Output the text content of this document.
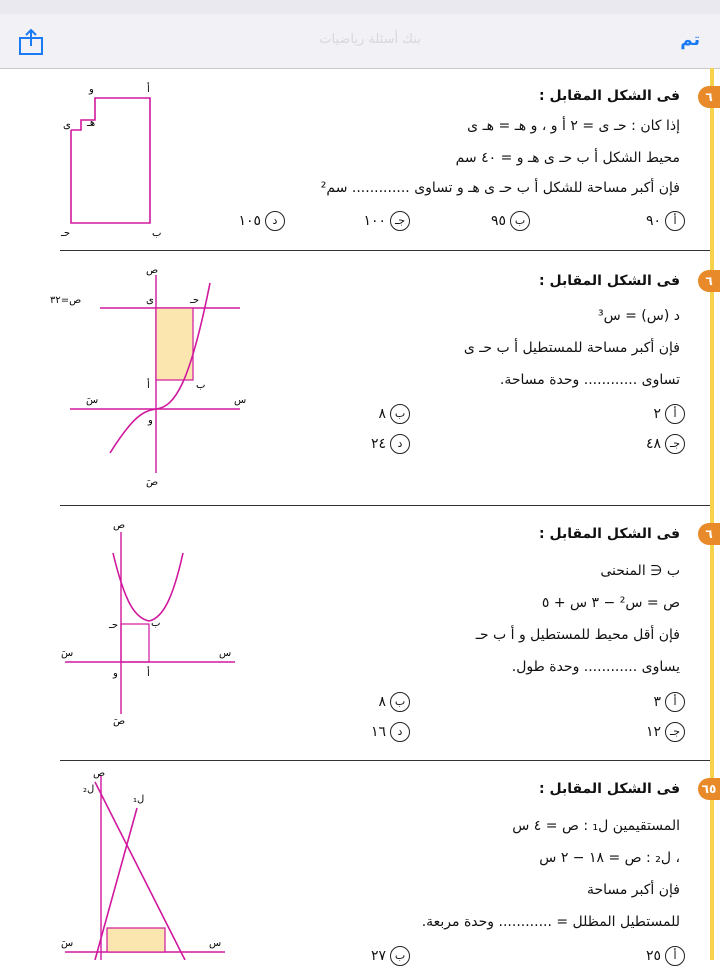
بنك أسئلة رياضيات	تم
٦
فى الشكل المقابل :
إذا كان : حـ ى = ٢ أ و ، و هـ = هـ ى
محيط الشكل أ ب حـ ى هـ و = ٤٠ سم
فإن أكبر مساحة للشكل أ ب حـ ى هـ و تساوى ............. سم²
أ٩٠
ب٩٥
جـ١٠٠
د١٠٥
أ
ب
حـ
ى هـ
و
٦
فى الشكل المقابل :
د (س) = س³
فإن أكبر مساحة للمستطيل أ ب حـ ى
تساوى ............ وحدة مساحة.
أ٢
ب٨
جـ٤٨
د٢٤
ص
ص=٣٢
س
سَ
صَ
أ	ب
حـ
ى
و
٦
فى الشكل المقابل :
ب ∈ المنحنى
ص = س² − ٣ س + ٥
فإن أقل محيط للمستطيل و أ ب حـ
يساوى ............ وحدة طول.
أ٣
ب٨
جـ١٢
د١٦
ص
س
سَ
صَ
أ
ب
حـ
و
٦٥
فى الشكل المقابل :
المستقيمين ل₁ : ص = ٤ س
، ل₂ : ص = ١٨ − ٢ س
فإن أكبر مساحة
للمستطيل المظلل = ............ وحدة مربعة.
أ٢٥
ب٢٧
ص
س
سَ
ل₁
ل₂
